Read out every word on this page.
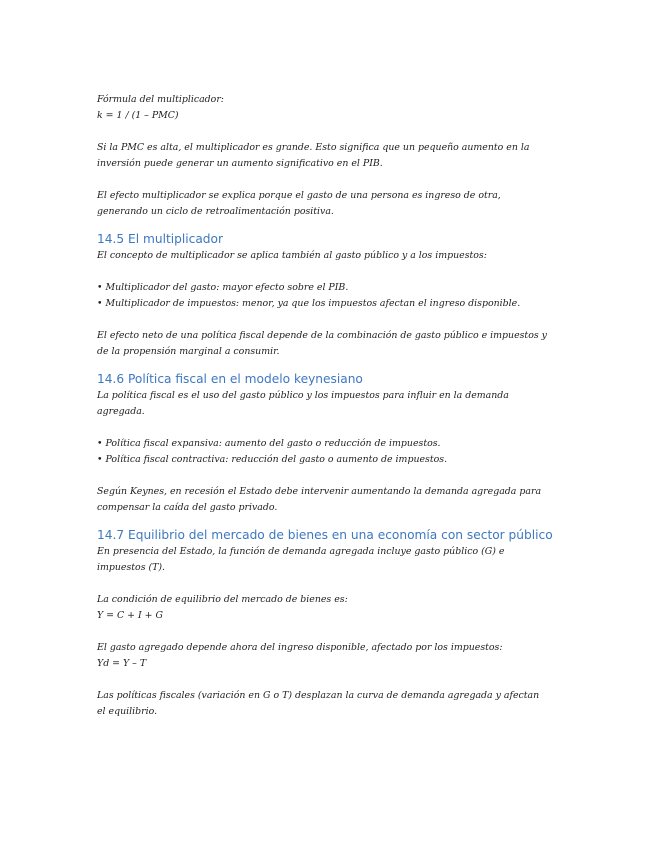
Fórmula del multiplicador:
k = 1 / (1 – PMC)

Si la PMC es alta, el multiplicador es grande. Esto significa que un pequeño aumento en la
inversión puede generar un aumento significativo en el PIB.

El efecto multiplicador se explica porque el gasto de una persona es ingreso de otra,
generando un ciclo de retroalimentación positiva.

14.5 El multiplicador

El concepto de multiplicador se aplica también al gasto público y a los impuestos:

• Multiplicador del gasto: mayor efecto sobre el PIB.
• Multiplicador de impuestos: menor, ya que los impuestos afectan el ingreso disponible.

El efecto neto de una política fiscal depende de la combinación de gasto público e impuestos y
de la propensión marginal a consumir.

14.6 Política fiscal en el modelo keynesiano

La política fiscal es el uso del gasto público y los impuestos para influir en la demanda
agregada.

• Política fiscal expansiva: aumento del gasto o reducción de impuestos.
• Política fiscal contractiva: reducción del gasto o aumento de impuestos.

Según Keynes, en recesión el Estado debe intervenir aumentando la demanda agregada para
compensar la caída del gasto privado.

14.7 Equilibrio del mercado de bienes en una economía con sector público

En presencia del Estado, la función de demanda agregada incluye gasto público (G) e
impuestos (T).

La condición de equilibrio del mercado de bienes es:
Y = C + I + G

El gasto agregado depende ahora del ingreso disponible, afectado por los impuestos:
Yd = Y – T

Las políticas fiscales (variación en G o T) desplazan la curva de demanda agregada y afectan
el equilibrio.
